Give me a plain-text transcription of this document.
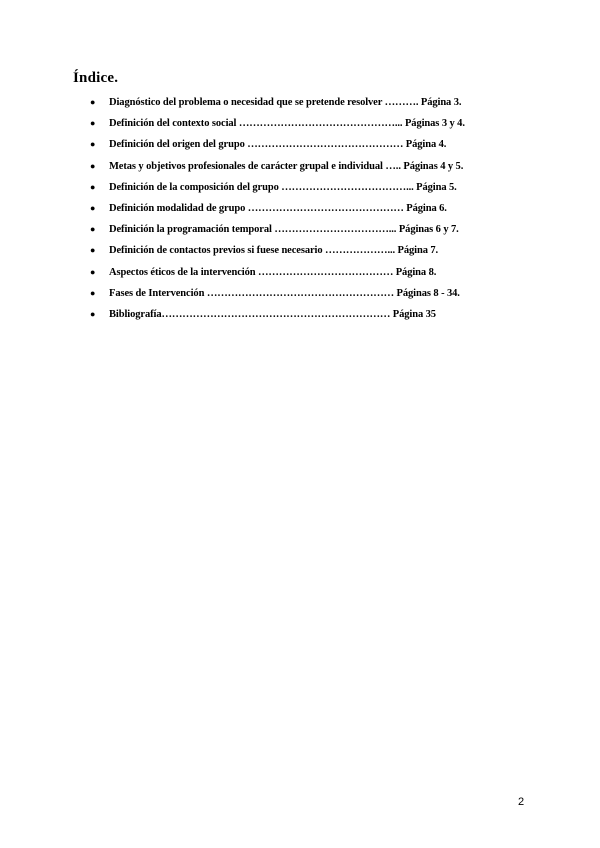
Índice.
● Diagnóstico del problema o necesidad que se pretende resolver ………. Página 3.
● Definición del contexto social ………………………………………... Páginas 3 y 4.
● Definición del origen del grupo ……………………………………… Página 4.
● Metas y objetivos profesionales de carácter grupal e individual ….. Páginas 4 y 5.
● Definición de la composición del grupo ………………………………... Página 5.
● Definición modalidad de grupo ……………………………………… Página 6.
● Definición la programación temporal ……………………………... Páginas 6 y 7.
● Definición de contactos previos si fuese necesario ………………... Página 7.
● Aspectos éticos de la intervención ………………………………… Página 8.
● Fases de Intervención ……………………………………………… Páginas 8 - 34.
● Bibliografía………………………………………………………… Página 35
2
